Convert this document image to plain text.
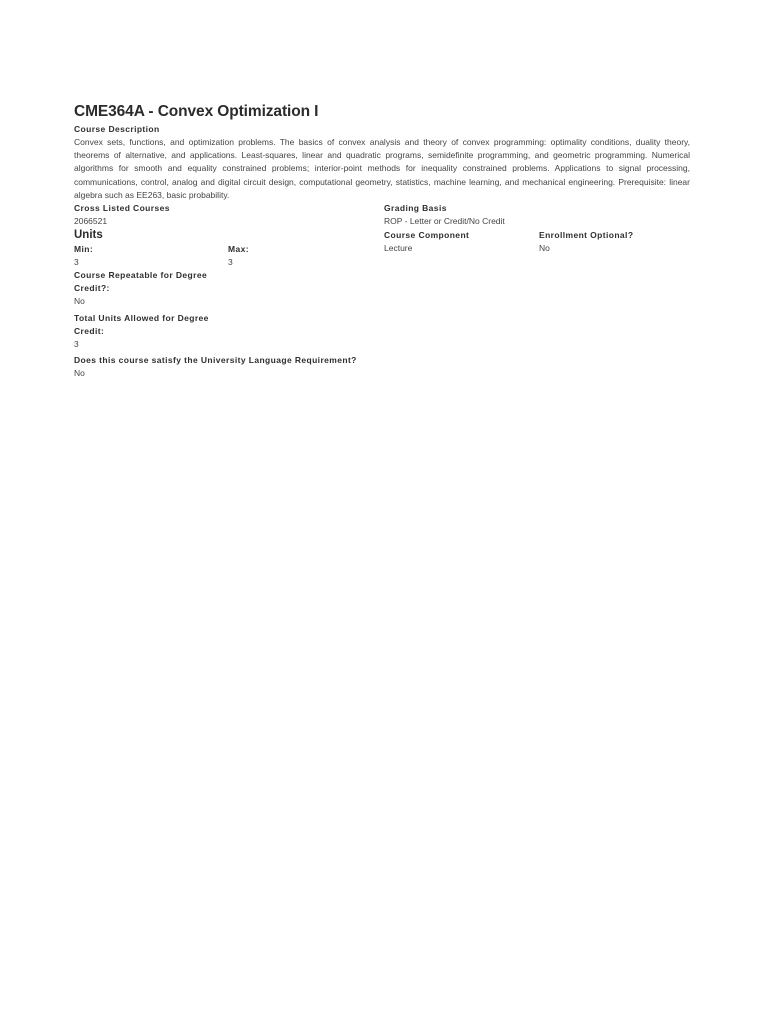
CME364A - Convex Optimization I
Course Description
Convex sets, functions, and optimization problems. The basics of convex analysis and theory of convex programming: optimality conditions, duality theory, theorems of alternative, and applications. Least-squares, linear and quadratic programs, semidefinite programming, and geometric programming. Numerical algorithms for smooth and equality constrained problems; interior-point methods for inequality constrained problems. Applications to signal processing, communications, control, analog and digital circuit design, computational geometry, statistics, machine learning, and mechanical engineering. Prerequisite: linear algebra such as EE263, basic probability.
Cross Listed Courses
2066521
Grading Basis
ROP - Letter or Credit/No Credit
Units
Min:
3
Max:
3
Course Component
Lecture
Enrollment Optional?
No
Course Repeatable for Degree
Credit?:
No
Total Units Allowed for Degree
Credit:
3
Does this course satisfy the University Language Requirement?
No
